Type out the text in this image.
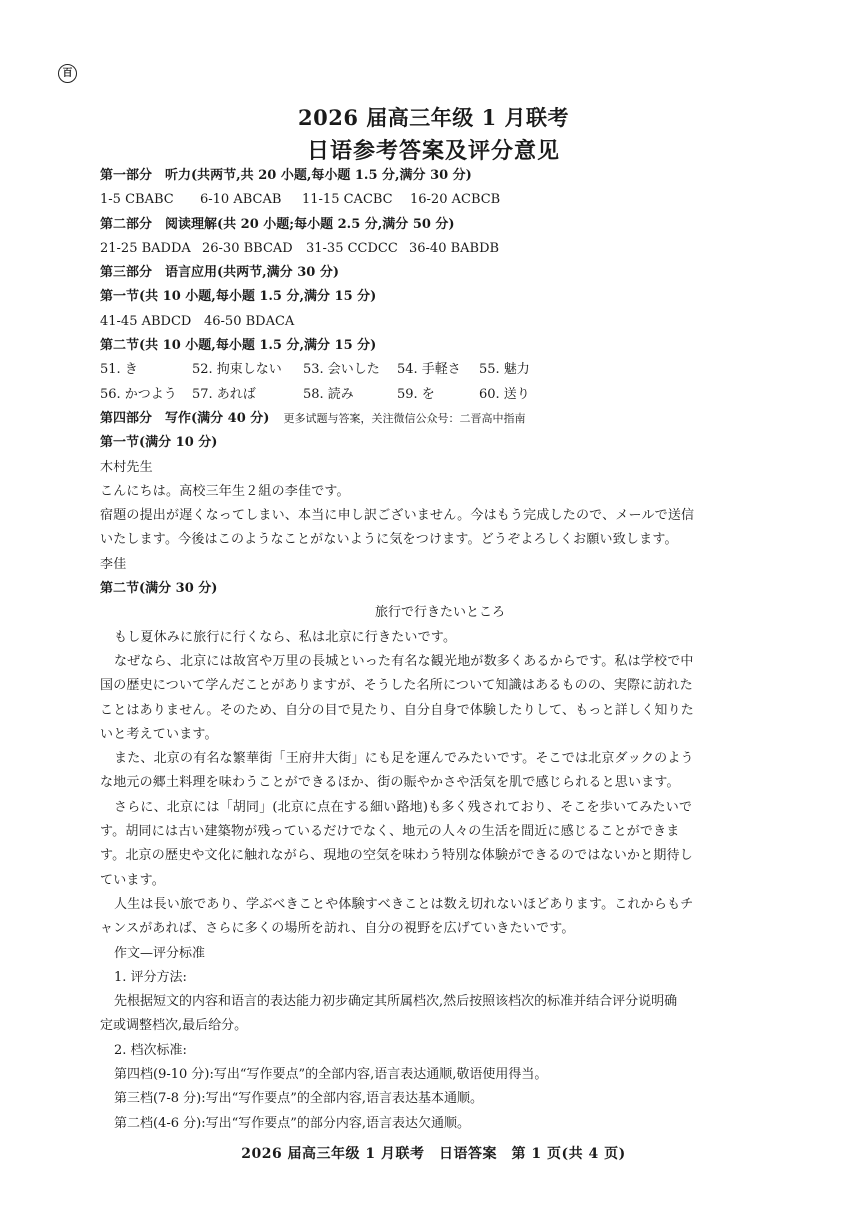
百
2026 届高三年级 1 月联考
日语参考答案及评分意见
第一部分　听力(共两节,共 20 小题,每小题 1.5 分,满分 30 分)
1-5 CBABC 6-10 ABCAB 11-15 CACBC 16-20 ACBCB
第二部分　阅读理解(共 20 小题;每小题 2.5 分,满分 50 分)
21-25 BADDA 26-30 BBCAD 31-35 CCDCC 36-40 BABDB
第三部分　语言应用(共两节,满分 30 分)
第一节(共 10 小题,每小题 1.5 分,满分 15 分)
41-45 ABDCD 46-50 BDACA
第二节(共 10 小题,每小题 1.5 分,满分 15 分)
51. き	52. 拘束しない 53. 会いした 54. 手軽さ 55. 魅力
56. かつよう 57. あれば	58. 読み	59. を	60. 送り
第四部分　写作(满分 40 分) 更多试题与答案，关注微信公众号：二晋高中指南
第一节(满分 10 分)
木村先生
こんにちは。高校三年生２組の李佳です。
宿題の提出が遅くなってしまい、本当に申し訳ございません。今はもう完成したので、メールで送信
いたします。今後はこのようなことがないように気をつけます。どうぞよろしくお願い致します。
李佳
第二节(满分 30 分)
旅行で行きたいところ
もし夏休みに旅行に行くなら、私は北京に行きたいです。
なぜなら、北京には故宮や万里の長城といった有名な観光地が数多くあるからです。私は学校で中
国の歴史について学んだことがありますが、そうした名所について知識はあるものの、実際に訪れた
ことはありません。そのため、自分の目で見たり、自分自身で体験したりして、もっと詳しく知りた
いと考えています。
また、北京の有名な繁華街「王府井大街」にも足を運んでみたいです。そこでは北京ダックのよう
な地元の郷土料理を味わうことができるほか、街の賑やかさや活気を肌で感じられると思います。
さらに、北京には「胡同」(北京に点在する細い路地)も多く残されており、そこを歩いてみたいで
す。胡同には古い建築物が残っているだけでなく、地元の人々の生活を間近に感じることができま
す。北京の歴史や文化に触れながら、現地の空気を味わう特別な体験ができるのではないかと期待し
ています。
人生は長い旅であり、学ぶべきことや体験すべきことは数え切れないほどあります。これからもチ
ャンスがあれば、さらに多くの場所を訪れ、自分の視野を広げていきたいです。
作文—评分标准
1. 评分方法:
先根据短文的内容和语言的表达能力初步确定其所属档次,然后按照该档次的标准并结合评分说明确
定或调整档次,最后给分。
2. 档次标准:
第四档(9-10 分):写出“写作要点”的全部内容,语言表达通顺,敬语使用得当。
第三档(7-8 分):写出“写作要点”的全部内容,语言表达基本通顺。
第二档(4-6 分):写出“写作要点”的部分内容,语言表达欠通顺。
2026 届高三年级 1 月联考　日语答案　第 1 页(共 4 页)
